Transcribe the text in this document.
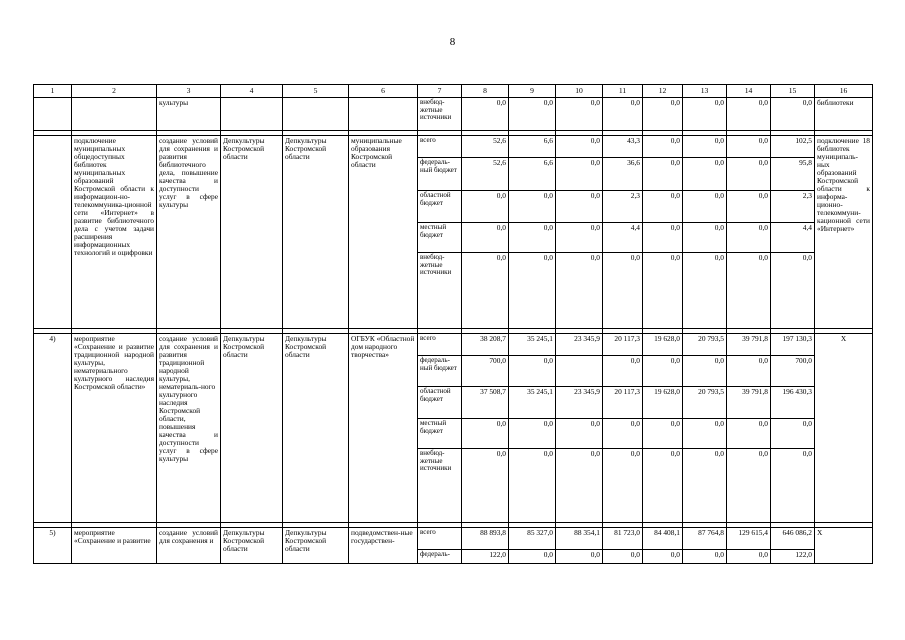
8
1	2	3	4	5	6	7	8	9	10	11	12	13	14	15	16
		культуры				внебюд-жетные источники	0,0	0,0	0,0	0,0	0,0	0,0	0,0	0,0	библиотеки

	подключение муниципальных общедоступных библиотек муниципальных образований Костромской области к информацион-но-телекоммуника-ционной сети «Интернет» в развитие библиотечного дела с учетом задачи расширения информационных технологий и оцифровки	создание условий для сохранения и развития библиотечного дела, повышение качества и доступности услуг в сфере культуры	Депкультуры Костромской области	Депкультуры Костромской области	муниципальные образования Костромской области	всего	52,6	6,6	0,0	43,3	0,0	0,0	0,0	102,5	подключение 18 библиотек муниципаль-ных образований Костромской области к информа-ционно-телекоммуни-кационной сети «Интернет»
						федераль-ный бюджет	52,6	6,6	0,0	36,6	0,0	0,0	0,0	95,8	
						областной бюджет	0,0	0,0	0,0	2,3	0,0	0,0	0,0	2,3	
						местный бюджет	0,0	0,0	0,0	4,4	0,0	0,0	0,0	4,4	
						внебюд-жетные источники	0,0	0,0	0,0	0,0	0,0	0,0	0,0	0,0	

4)	мероприятие «Сохранение и развитие традиционной народной культуры, нематериального культурного наследия Костромской области»	создание условий для сохранения и развития традиционной народной культуры, нематериаль-ного культурного наследия Костромской области, повышения качества и доступности услуг в сфере культуры	Депкультуры Костромской области	Депкультуры Костромской области	ОГБУК «Областной дом народного творчества»	всего	38 208,7	35 245,1	23 345,9	20 117,3	19 628,0	20 793,5	39 791,8	197 130,3	Х
						федераль-ный бюджет	700,0	0,0		0,0	0,0	0,0	0,0	700,0	
						областной бюджет	37 508,7	35 245,1	23 345,9	20 117,3	19 628,0	20 793,5	39 791,8	196 430,3	
						местный бюджет	0,0	0,0	0,0	0,0	0,0	0,0	0,0	0,0	
						внебюд-жетные источники	0,0	0,0	0,0	0,0	0,0	0,0	0,0	0,0	

5)	мероприятие «Сохранение и развитие	создание условий для сохранения и	Депкультуры Костромской области	Депкультуры Костромской области	подведомствен-ные государствен-	всего	88 893,8	85 327,0	88 354,1	81 723,0	84 408,1	87 764,8	129 615,4	646 086,2	Х
						федераль-	122,0	0,0	0,0	0,0	0,0	0,0	0,0	122,0	
